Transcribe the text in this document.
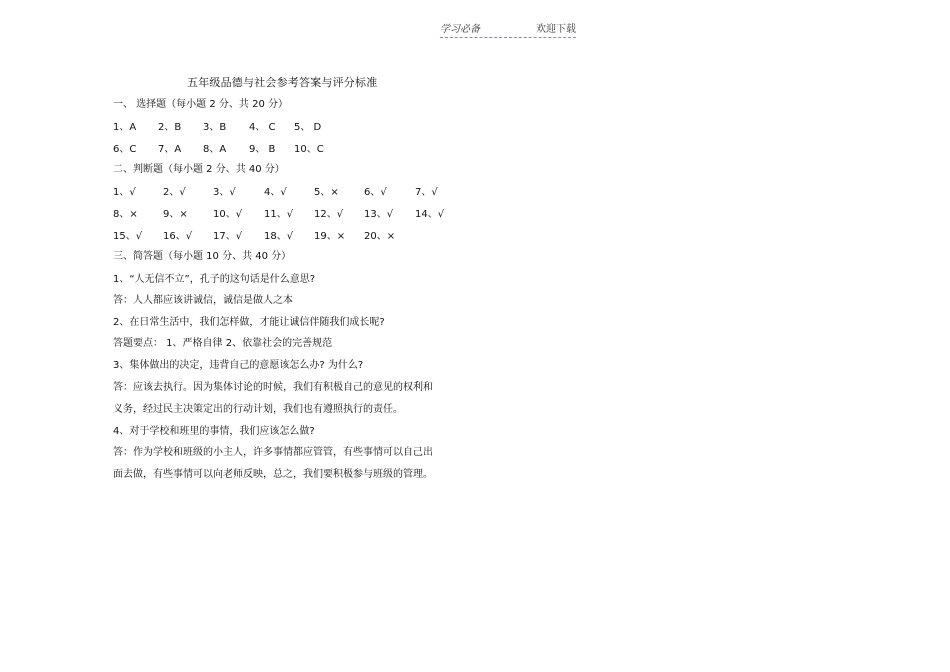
学习必备	欢迎下载
五年级品德与社会参考答案与评分标准
一、 选择题（每小题 2 分、共 20 分）
1、A 2、B 3、B 4、 C 5、 D
6、C 7、A 8、A 9、 B 10、C
二、判断题（每小题 2 分、共 40 分）
1、√	2、√	3、√	4、√	5、×	6、√	7、√
8、×	9、×	10、√ 11、√ 12、√ 13、√ 14、√
15、√ 16、√ 17、√ 18、√ 19、× 20、×
三、简答题（每小题 10 分、共 40 分）
1、“人无信不立”，孔子的这句话是什么意思?
答：人人都应该讲诚信，诚信是做人之本
2、在日常生活中，我们怎样做，才能让诚信伴随我们成长呢?
答题要点： 1、严格自律 2、依靠社会的完善规范
3、集体做出的决定，违背自己的意愿该怎么办? 为什么?
答：应该去执行。因为集体讨论的时候，我们有积极自己的意见的权利和
义务，经过民主决策定出的行动计划，我们也有遵照执行的责任。
4、对于学校和班里的事情，我们应该怎么做?
答：作为学校和班级的小主人，许多事情都应管管，有些事情可以自己出
面去做，有些事情可以向老师反映，总之，我们要积极参与班级的管理。
